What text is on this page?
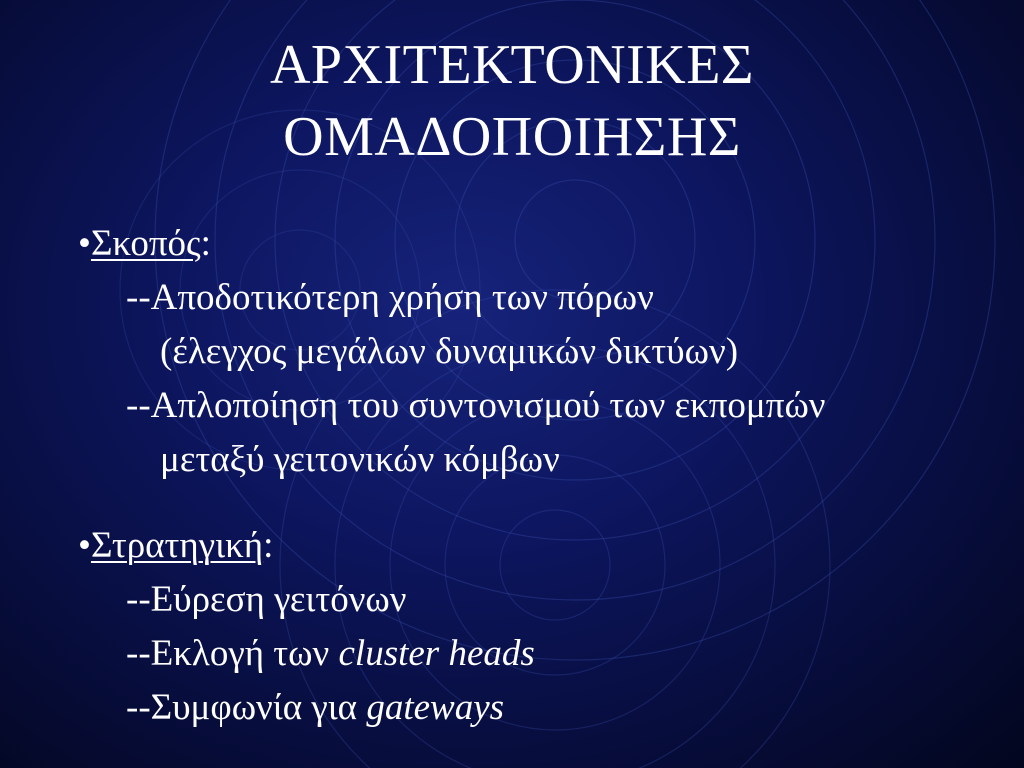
ΑΡΧΙΤΕΚΤΟΝΙΚΕΣ
ΟΜΑΔΟΠΟΙΗΣΗΣ
•Σκοπός:
--Αποδοτικότερη χρήση των πόρων
(έλεγχος μεγάλων δυναμικών δικτύων)
--Απλοποίηση του συντονισμού των εκπομπών
μεταξύ γειτονικών κόμβων
•Στρατηγική:
--Εύρεση γειτόνων
--Εκλογή των cluster heads
--Συμφωνία για gateways
